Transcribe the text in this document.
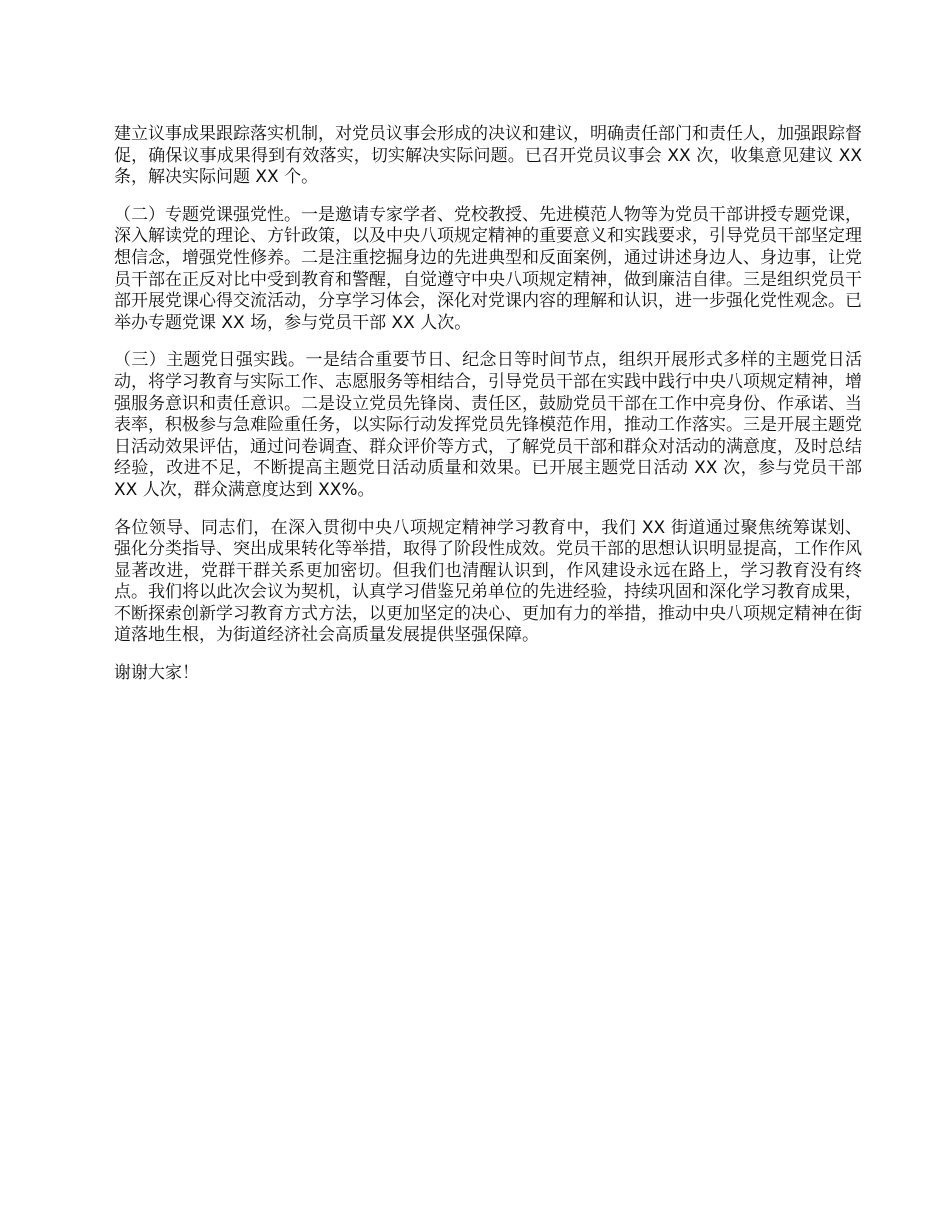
建立议事成果跟踪落实机制，对党员议事会形成的决议和建议，明确责任部门和责任人，加强跟踪督促，确保议事成果得到有效落实，切实解决实际问题。已召开党员议事会 XX 次，收集意见建议 XX 条，解决实际问题 XX 个。

（二）专题党课强党性。一是邀请专家学者、党校教授、先进模范人物等为党员干部讲授专题党课，深入解读党的理论、方针政策，以及中央八项规定精神的重要意义和实践要求，引导党员干部坚定理想信念，增强党性修养。二是注重挖掘身边的先进典型和反面案例，通过讲述身边人、身边事，让党员干部在正反对比中受到教育和警醒，自觉遵守中央八项规定精神，做到廉洁自律。三是组织党员干部开展党课心得交流活动，分享学习体会，深化对党课内容的理解和认识，进一步强化党性观念。已举办专题党课 XX 场，参与党员干部 XX 人次。

（三）主题党日强实践。一是结合重要节日、纪念日等时间节点，组织开展形式多样的主题党日活动，将学习教育与实际工作、志愿服务等相结合，引导党员干部在实践中践行中央八项规定精神，增强服务意识和责任意识。二是设立党员先锋岗、责任区，鼓励党员干部在工作中亮身份、作承诺、当表率，积极参与急难险重任务，以实际行动发挥党员先锋模范作用，推动工作落实。三是开展主题党日活动效果评估，通过问卷调查、群众评价等方式，了解党员干部和群众对活动的满意度，及时总结经验，改进不足，不断提高主题党日活动质量和效果。已开展主题党日活动 XX 次，参与党员干部 XX 人次，群众满意度达到 XX%。

各位领导、同志们，在深入贯彻中央八项规定精神学习教育中，我们 XX 街道通过聚焦统筹谋划、强化分类指导、突出成果转化等举措，取得了阶段性成效。党员干部的思想认识明显提高，工作作风显著改进，党群干群关系更加密切。但我们也清醒认识到，作风建设永远在路上，学习教育没有终点。我们将以此次会议为契机，认真学习借鉴兄弟单位的先进经验，持续巩固和深化学习教育成果，不断探索创新学习教育方式方法，以更加坚定的决心、更加有力的举措，推动中央八项规定精神在街道落地生根，为街道经济社会高质量发展提供坚强保障。

谢谢大家！
